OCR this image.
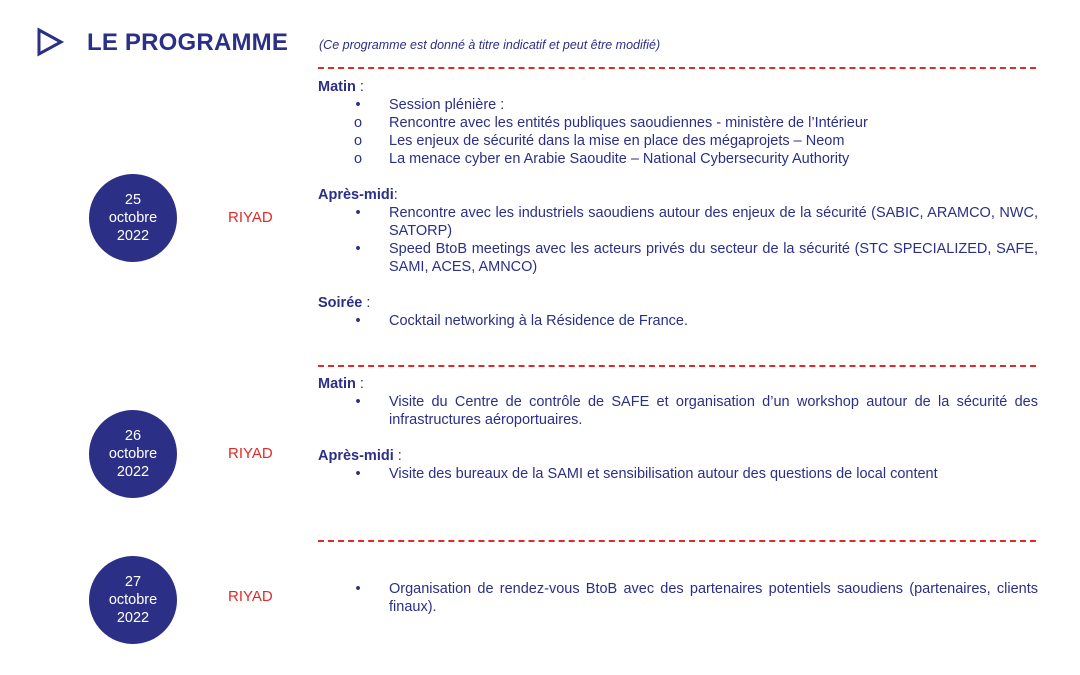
LE PROGRAMME (Ce programme est donné à titre indicatif et peut être modifié)
25
octobre
2022
RIYAD
Matin :
•	Session plénière :
o Rencontre avec les entités publiques saoudiennes - ministère de l’Intérieur
o Les enjeux de sécurité dans la mise en place des mégaprojets – Neom
o La menace cyber en Arabie Saoudite – National Cybersecurity Authority
Après-midi:
•	Rencontre avec les industriels saoudiens autour des enjeux de la sécurité (SABIC, ARAMCO, NWC, SATORP)
•	Speed BtoB meetings avec les acteurs privés du secteur de la sécurité (STC SPECIALIZED, SAFE, SAMI, ACES, AMNCO)
Soirée :
•	Cocktail networking à la Résidence de France.
26
octobre
2022
RIYAD
Matin :
•	Visite du Centre de contrôle de SAFE et organisation d’un workshop autour de la sécurité des infrastructures aéroportuaires.
Après-midi :
•	Visite des bureaux de la SAMI et sensibilisation autour des questions de local content
27
octobre
2022
RIYAD	•	Organisation de rendez-vous BtoB avec des partenaires potentiels saoudiens (partenaires, clients finaux).
